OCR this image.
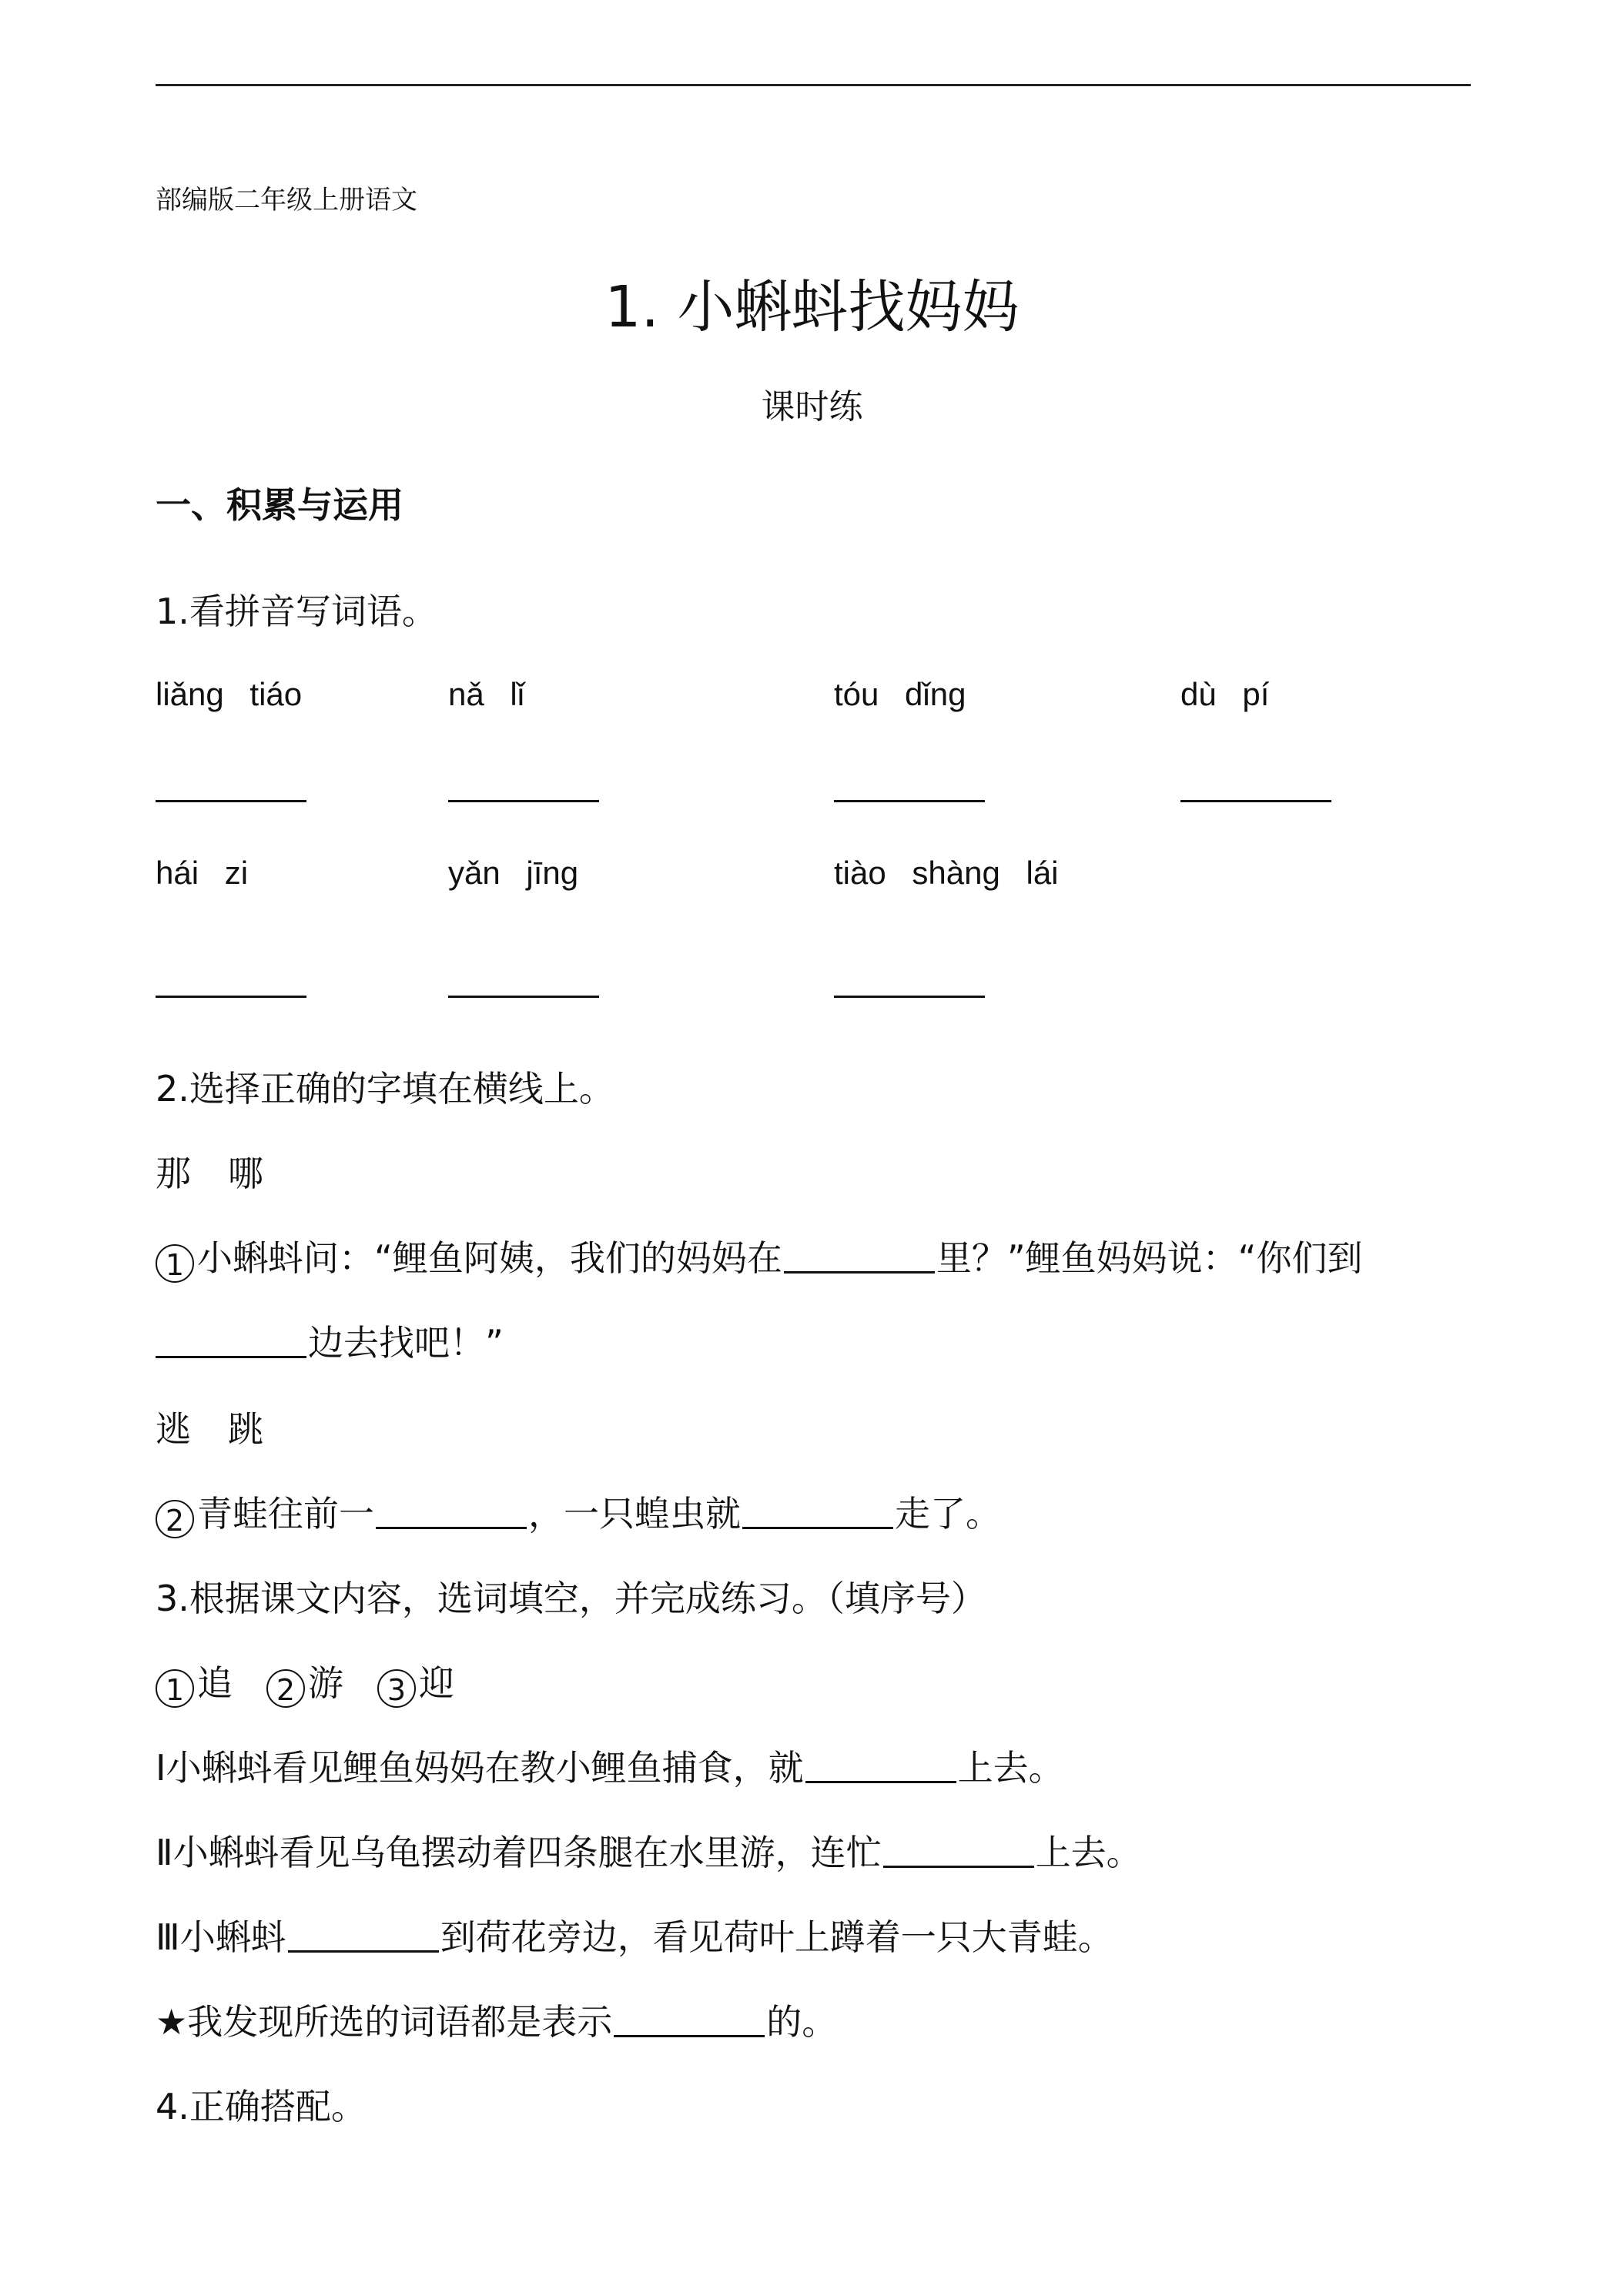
部编版二年级上册语文
1. 小蝌蚪找妈妈
课时练
一、积累与运用
1.看拼音写词语。
liǎng tiáo	nǎ lǐ	tóu dǐng	dù pí
hái zi	yǎn jīng	tiào shàng lái
2.选择正确的字填在横线上。
那 哪
1 小蝌蚪问：“鲤鱼阿姨，我们的妈妈在	里？”鲤鱼妈妈说：“你们到
边去找吧！”
逃 跳
2 青蛙往前一	，一只蝗虫就	走了。
3.根据课文内容，选词填空，并完成练习。（填序号）
1 追 2 游 3 迎
Ⅰ小蝌蚪看见鲤鱼妈妈在教小鲤鱼捕食，就	上去。
Ⅱ小蝌蚪看见乌龟摆动着四条腿在水里游，连忙	上去。
Ⅲ小蝌蚪	到荷花旁边，看见荷叶上蹲着一只大青蛙。
★我发现所选的词语都是表示	的。
4.正确搭配。
